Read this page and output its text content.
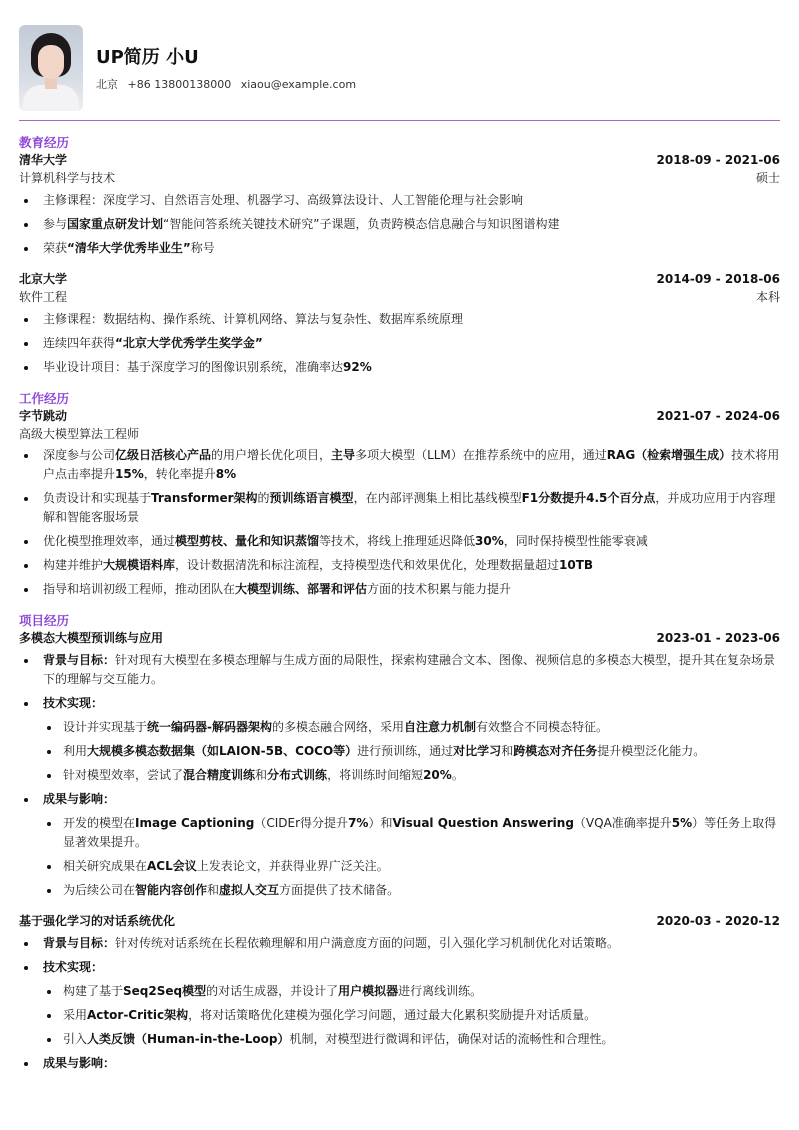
UP简历 小U
北京 +86 13800138000 xiaou@example.com
教育经历
清华大学	2018-09 - 2021-06
计算机科学与技术	硕士
主修课程：深度学习、自然语言处理、机器学习、高级算法设计、人工智能伦理与社会影响
参与国家重点研发计划“智能问答系统关键技术研究”子课题，负责跨模态信息融合与知识图谱构建
荣获“清华大学优秀毕业生”称号
北京大学	2014-09 - 2018-06
软件工程	本科
主修课程：数据结构、操作系统、计算机网络、算法与复杂性、数据库系统原理
连续四年获得“北京大学优秀学生奖学金”
毕业设计项目：基于深度学习的图像识别系统，准确率达92%
工作经历
字节跳动	2021-07 - 2024-06
高级大模型算法工程师
深度参与公司亿级日活核心产品的用户增长优化项目，主导多项大模型（LLM）在推荐系统中的应用，通过RAG（检索增强生成）技术将用户点击率提升15%，转化率提升8%
负责设计和实现基于Transformer架构的预训练语言模型，在内部评测集上相比基线模型F1分数提升4.5个百分点，并成功应用于内容理解和智能客服场景
优化模型推理效率，通过模型剪枝、量化和知识蒸馏等技术，将线上推理延迟降低30%，同时保持模型性能零衰减
构建并维护大规模语料库，设计数据清洗和标注流程，支持模型迭代和效果优化，处理数据量超过10TB
指导和培训初级工程师，推动团队在大模型训练、部署和评估方面的技术积累与能力提升
项目经历
多模态大模型预训练与应用	2023-01 - 2023-06
背景与目标：针对现有大模型在多模态理解与生成方面的局限性，探索构建融合文本、图像、视频信息的多模态大模型，提升其在复杂场景下的理解与交互能力。
技术实现：
设计并实现基于统一编码器-解码器架构的多模态融合网络，采用自注意力机制有效整合不同模态特征。
利用大规模多模态数据集（如LAION-5B、COCO等）进行预训练，通过对比学习和跨模态对齐任务提升模型泛化能力。
针对模型效率，尝试了混合精度训练和分布式训练，将训练时间缩短20%。
成果与影响：
开发的模型在Image Captioning（CIDEr得分提升7%）和Visual Question Answering（VQA准确率提升5%）等任务上取得显著效果提升。
相关研究成果在ACL会议上发表论文，并获得业界广泛关注。
为后续公司在智能内容创作和虚拟人交互方面提供了技术储备。
基于强化学习的对话系统优化	2020-03 - 2020-12
背景与目标：针对传统对话系统在长程依赖理解和用户满意度方面的问题，引入强化学习机制优化对话策略。
技术实现：
构建了基于Seq2Seq模型的对话生成器，并设计了用户模拟器进行离线训练。
采用Actor-Critic架构，将对话策略优化建模为强化学习问题，通过最大化累积奖励提升对话质量。
引入人类反馈（Human-in-the-Loop）机制，对模型进行微调和评估，确保对话的流畅性和合理性。
成果与影响：
